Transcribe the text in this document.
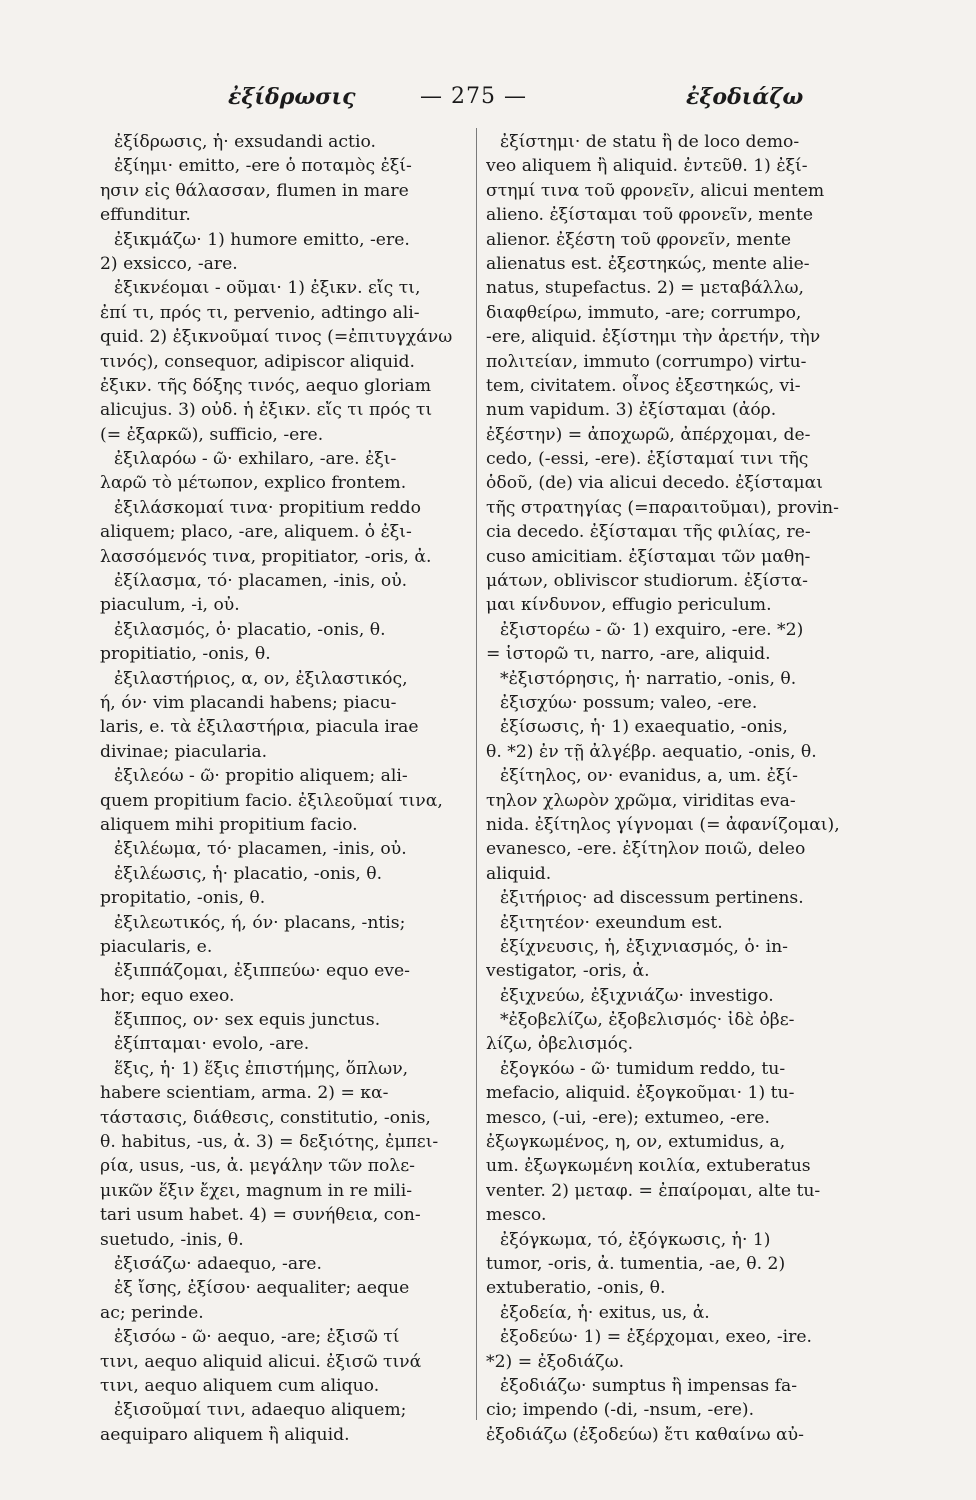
ἐξίδρωσις	— 275 —	ἐξοδιάζω
ἐξίδρωσις, ἡ· exsudandi actio.
ἐξίημι· emitto, -ere ὁ ποταμὸς ἐξί-
ησιν εἰς θάλασσαν, flumen in mare
effunditur.
ἐξικμάζω· 1) humore emitto, -ere.
2) exsicco, -are.
ἐξικνέομαι - οῦμαι· 1) ἐξικν. εἴς τι,
ἐπί τι, πρός τι, pervenio, adtingo ali-
quid. 2) ἐξικνοῦμαί τινος (=ἐπιτυγχάνω
τινός), consequor, adipiscor aliquid.
ἐξικν. τῆς δόξης τινός, aequo gloriam
alicujus. 3) οὐδ. ἡ ἐξικν. εἴς τι πρός τι
(= ἐξαρκῶ), sufficio, -ere.
ἐξιλαρόω - ῶ· exhilaro, -are. ἐξι-
λαρῶ τὸ μέτωπον, explico frontem.
ἐξιλάσκομαί τινα· propitium reddo
aliquem; placo, -are, aliquem. ὁ ἐξι-
λασσόμενός τινα, propitiator, -oris, ἀ.
ἐξίλασμα, τό· placamen, -inis, οὐ.
piaculum, -i, οὐ.
ἐξιλασμός, ὁ· placatio, -onis, θ.
propitiatio, -onis, θ.
ἐξιλαστήριος, α, ον, ἐξιλαστικός,
ή, όν· vim placandi habens; piacu-
laris, e. τὰ ἐξιλαστήρια, piacula irae
divinae; piacularia.
ἐξιλεόω - ῶ· propitio aliquem; ali-
quem propitium facio. ἐξιλεοῦμαί τινα,
aliquem mihi propitium facio.
ἐξιλέωμα, τό· placamen, -inis, οὐ.
ἐξιλέωσις, ἡ· placatio, -onis, θ.
propitatio, -onis, θ.
ἐξιλεωτικός, ή, όν· placans, -ntis;
piacularis, e.
ἐξιππάζομαι, ἐξιππεύω· equo eve-
hor; equo exeo.
ἔξιππος, ον· sex equis junctus.
ἐξίπταμαι· evolo, -are.
ἕξις, ἡ· 1) ἕξις ἐπιστήμης, ὅπλων,
habere scientiam, arma. 2) = κα-
τάστασις, διάθεσις, constitutio, -onis,
θ. habitus, -us, ἀ. 3) = δεξιότης, ἐμπει-
ρία, usus, -us, ἀ. μεγάλην τῶν πολε-
μικῶν ἕξιν ἔχει, magnum in re mili-
tari usum habet. 4) = συνήθεια, con-
suetudo, -inis, θ.
ἐξισάζω· adaequo, -are.
ἐξ ἴσης, ἐξίσου· aequaliter; aeque
ac; perinde.
ἐξισόω - ῶ· aequo, -are; ἐξισῶ τί
τινι, aequo aliquid alicui. ἐξισῶ τινά
τινι, aequo aliquem cum aliquo.
ἐξισοῦμαί τινι, adaequo aliquem;
aequiparo aliquem ἢ aliquid.
ἐξίστημι· de statu ἢ de loco demo-
veo aliquem ἢ aliquid. ἐντεῦθ. 1) ἐξί-
στημί τινα τοῦ φρονεῖν, alicui mentem
alieno. ἐξίσταμαι τοῦ φρονεῖν, mente
alienor. ἐξέστη τοῦ φρονεῖν, mente
alienatus est. ἐξεστηκώς, mente alie-
natus, stupefactus. 2) = μεταβάλλω,
διαφθείρω, immuto, -are; corrumpo,
-ere, aliquid. ἐξίστημι τὴν ἀρετήν, τὴν
πολιτείαν, immuto (corrumpo) virtu-
tem, civitatem. οἶνος ἐξεστηκώς, vi-
num vapidum. 3) ἐξίσταμαι (ἀόρ.
ἐξέστην) = ἀποχωρῶ, ἀπέρχομαι, de-
cedo, (-essi, -ere). ἐξίσταμαί τινι τῆς
ὁδοῦ, (de) via alicui decedo. ἐξίσταμαι
τῆς στρατηγίας (=παραιτοῦμαι), provin-
cia decedo. ἐξίσταμαι τῆς φιλίας, re-
cuso amicitiam. ἐξίσταμαι τῶν μαθη-
μάτων, obliviscor studiorum. ἐξίστα-
μαι κίνδυνον, effugio periculum.
ἐξιστορέω - ῶ· 1) exquiro, -ere. *2)
= ἱστορῶ τι, narro, -are, aliquid.
*ἐξιστόρησις, ἡ· narratio, -onis, θ.
ἐξισχύω· possum; valeo, -ere.
ἐξίσωσις, ἡ· 1) exaequatio, -onis,
θ. *2) ἐν τῇ ἀλγέβρ. aequatio, -onis, θ.
ἐξίτηλος, ον· evanidus, a, um. ἐξί-
τηλον χλωρὸν χρῶμα, viriditas eva-
nida. ἐξίτηλος γίγνομαι (= ἀφανίζομαι),
evanesco, -ere. ἐξίτηλον ποιῶ, deleo
aliquid.
ἐξιτήριος· ad discessum pertinens.
ἐξιτητέον· exeundum est.
ἐξίχνευσις, ἡ, ἐξιχνιασμός, ὁ· in-
vestigator, -oris, ἀ.
ἐξιχνεύω, ἐξιχνιάζω· investigo.
*ἐξοβελίζω, ἐξοβελισμός· ἰδὲ ὀβε-
λίζω, ὀβελισμός.
ἐξογκόω - ῶ· tumidum reddo, tu-
mefacio, aliquid. ἐξογκοῦμαι· 1) tu-
mesco, (-ui, -ere); extumeo, -ere.
ἐξωγκωμένος, η, ον, extumidus, a,
um. ἐξωγκωμένη κοιλία, extuberatus
venter. 2) μεταφ. = ἐπαίρομαι, alte tu-
mesco.
ἐξόγκωμα, τό, ἐξόγκωσις, ἡ· 1)
tumor, -oris, ἀ. tumentia, -ae, θ. 2)
extuberatio, -onis, θ.
ἐξοδεία, ἡ· exitus, us, ἀ.
ἐξοδεύω· 1) = ἐξέρχομαι, exeo, -ire.
*2) = ἐξοδιάζω.
ἐξοδιάζω· sumptus ἢ impensas fa-
cio; impendo (-di, -nsum, -ere).
ἐξοδιάζω (ἐξοδεύω) ἔτι καθαίνω αὐ-
